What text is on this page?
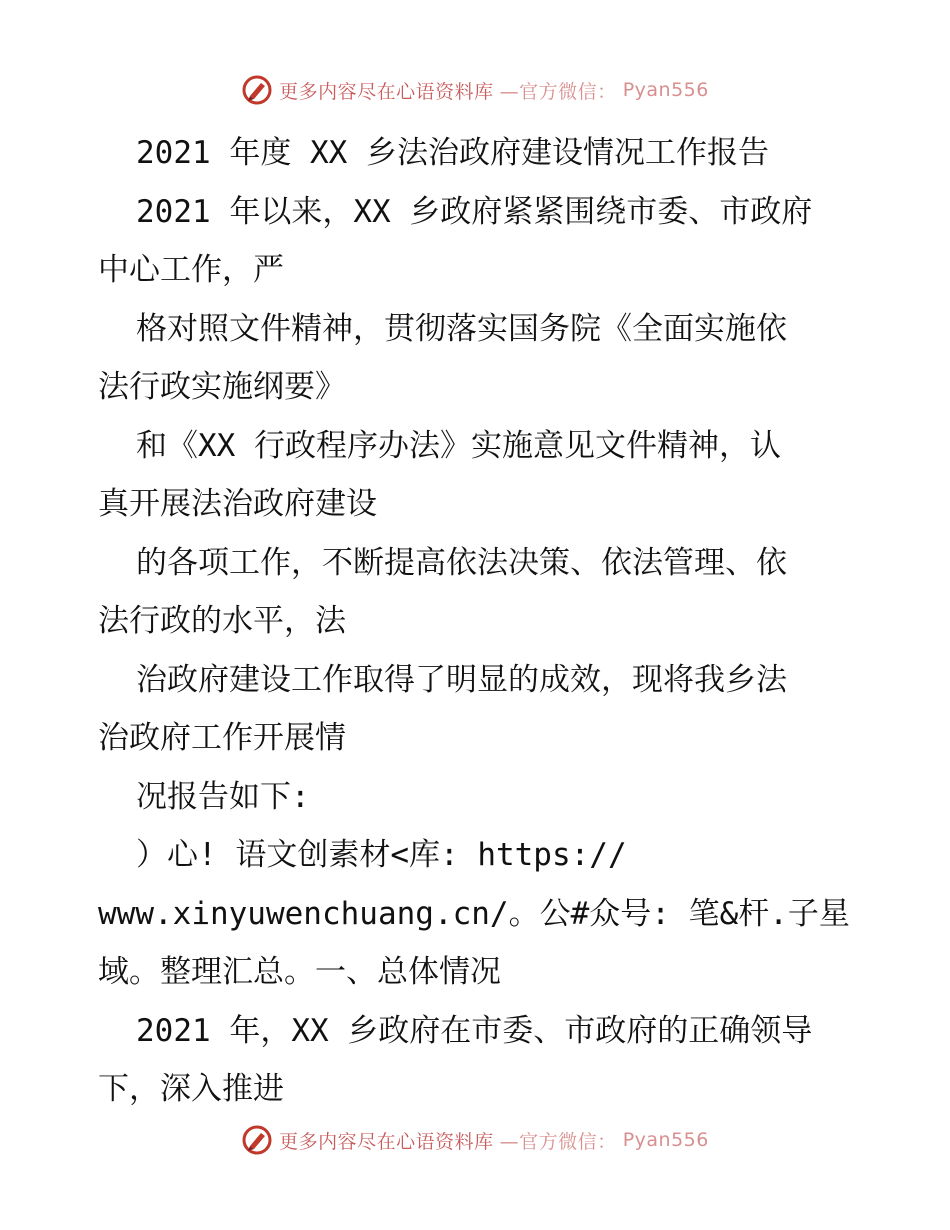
更多内容尽在心语资料库 —官方微信： Pyan556
2021 年度 XX 乡法治政府建设情况工作报告
2021 年以来，XX 乡政府紧紧围绕市委、市政府
中心工作，严
格对照文件精神，贯彻落实国务院《全面实施依
法行政实施纲要》
和《XX 行政程序办法》实施意见文件精神，认
真开展法治政府建设
的各项工作，不断提高依法决策、依法管理、依
法行政的水平，法
治政府建设工作取得了明显的成效，现将我乡法
治政府工作开展情
况报告如下:
）心! 语文创素材<库: https://
www.xinyuwenchuang.cn/。公#众号: 笔&杆.子星
域。整理汇总。一、总体情况
2021 年，XX 乡政府在市委、市政府的正确领导
下，深入推进
更多内容尽在心语资料库 —官方微信： Pyan556
